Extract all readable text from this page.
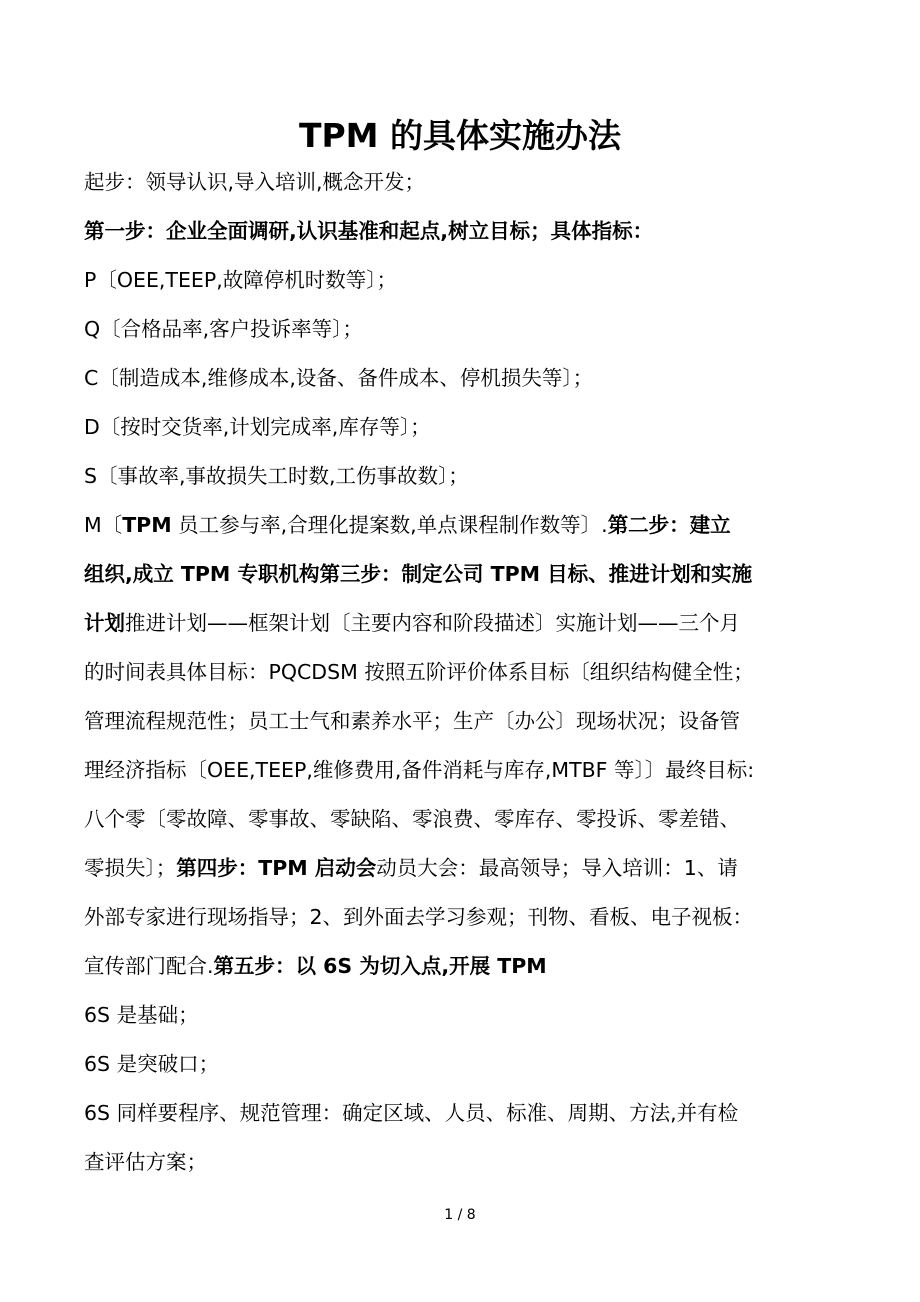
TPM 的具体实施办法
起步：领导认识,导入培训,概念开发；
第一步：企业全面调研,认识基准和起点,树立目标；具体指标：
P〔OEE,TEEP,故障停机时数等〕；
Q〔合格品率,客户投诉率等〕；
C〔制造成本,维修成本,设备、备件成本、停机损失等〕；
D〔按时交货率,计划完成率,库存等〕；
S〔事故率,事故损失工时数,工伤事故数〕；
M〔TPM 员工参与率,合理化提案数,单点课程制作数等〕.第二步：建立
组织,成立 TPM 专职机构第三步：制定公司 TPM 目标、推进计划和实施
计划推进计划——框架计划〔主要内容和阶段描述〕实施计划——三个月
的时间表具体目标：PQCDSM 按照五阶评价体系目标〔组织结构健全性；
管理流程规范性；员工士气和素养水平；生产〔办公〕现场状况；设备管
理经济指标〔OEE,TEEP,维修费用,备件消耗与库存,MTBF 等〕〕最终目标:
八个零〔零故障、零事故、零缺陷、零浪费、零库存、零投诉、零差错、
零损失〕；第四步：TPM 启动会动员大会：最高领导；导入培训：1、请
外部专家进行现场指导；2、到外面去学习参观；刊物、看板、电子视板：
宣传部门配合.第五步：以 6S 为切入点,开展 TPM
6S 是基础；
6S 是突破口；
6S 同样要程序、规范管理：确定区域、人员、标准、周期、方法,并有检
查评估方案；
1 / 8
